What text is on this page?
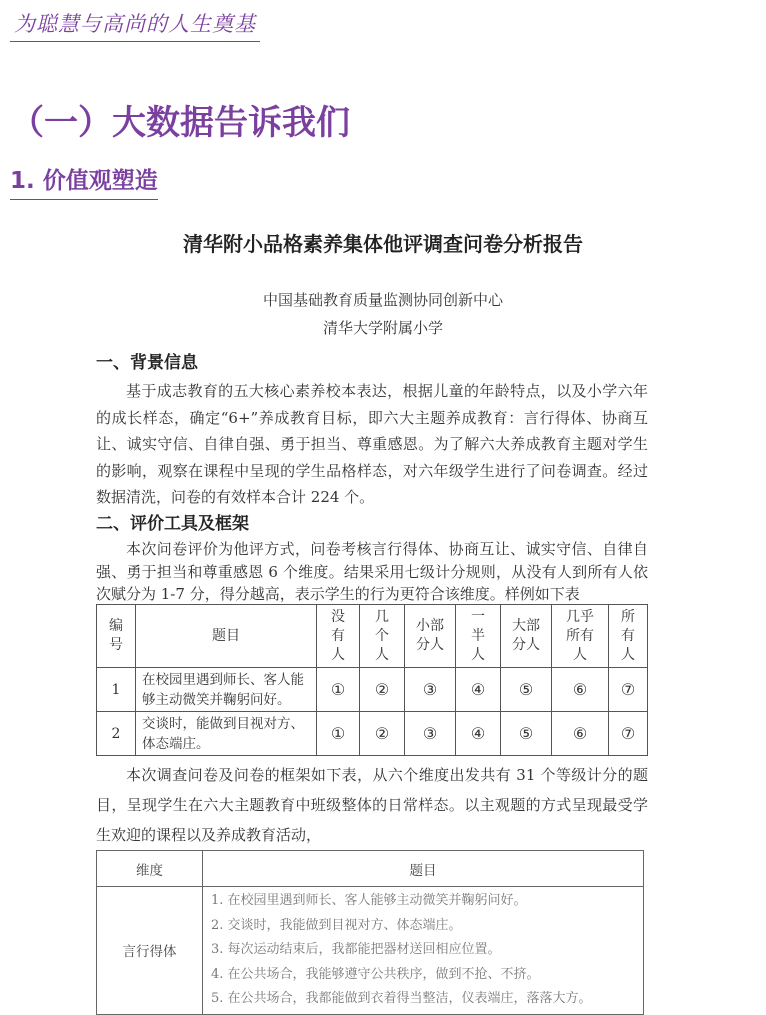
为聪慧与高尚的人生奠基
（一）大数据告诉我们
1. 价值观塑造
清华附小品格素养集体他评调查问卷分析报告
中国基础教育质量监测协同创新中心
清华大学附属小学
一、背景信息

基于成志教育的五大核心素养校本表达，根据儿童的年龄特点，以及小学六年的成长样态，确定“6+”养成教育目标，即六大主题养成教育：言行得体、协商互让、诚实守信、自律自强、勇于担当、尊重感恩。为了解六大养成教育主题对学生的影响，观察在课程中呈现的学生品格样态，对六年级学生进行了问卷调查。经过数据清洗，问卷的有效样本合计 224 个。

二、评价工具及框架

本次问卷评价为他评方式，问卷考核言行得体、协商互让、诚实守信、自律自强、勇于担当和尊重感恩 6 个维度。结果采用七级计分规则，从没有人到所有人依次赋分为 1-7 分，得分越高，表示学生的行为更符合该维度。样例如下表

编
号	题目	没
有
人	几
个
人	小部
分人	一
半
人	大部
分人	几乎
所有
人	所
有
人
1	在校园里遇到师长、客人能够主动微笑并鞠躬问好。	①	②	③	④	⑤	⑥	⑦
2	交谈时，能做到目视对方、体态端庄。	①	②	③	④	⑤	⑥	⑦

本次调查问卷及问卷的框架如下表，从六个维度出发共有 31 个等级计分的题目，呈现学生在六大主题教育中班级整体的日常样态。以主观题的方式呈现最受学生欢迎的课程以及养成教育活动，

维度	题目
言行得体	1. 在校园里遇到师长、客人能够主动微笑并鞠躬问好。
2. 交谈时，我能做到目视对方、体态端庄。
3. 每次运动结束后，我都能把器材送回相应位置。
4. 在公共场合，我能够遵守公共秩序，做到不抢、不挤。
5. 在公共场合，我都能做到衣着得当整洁，仪表端庄，落落大方。
